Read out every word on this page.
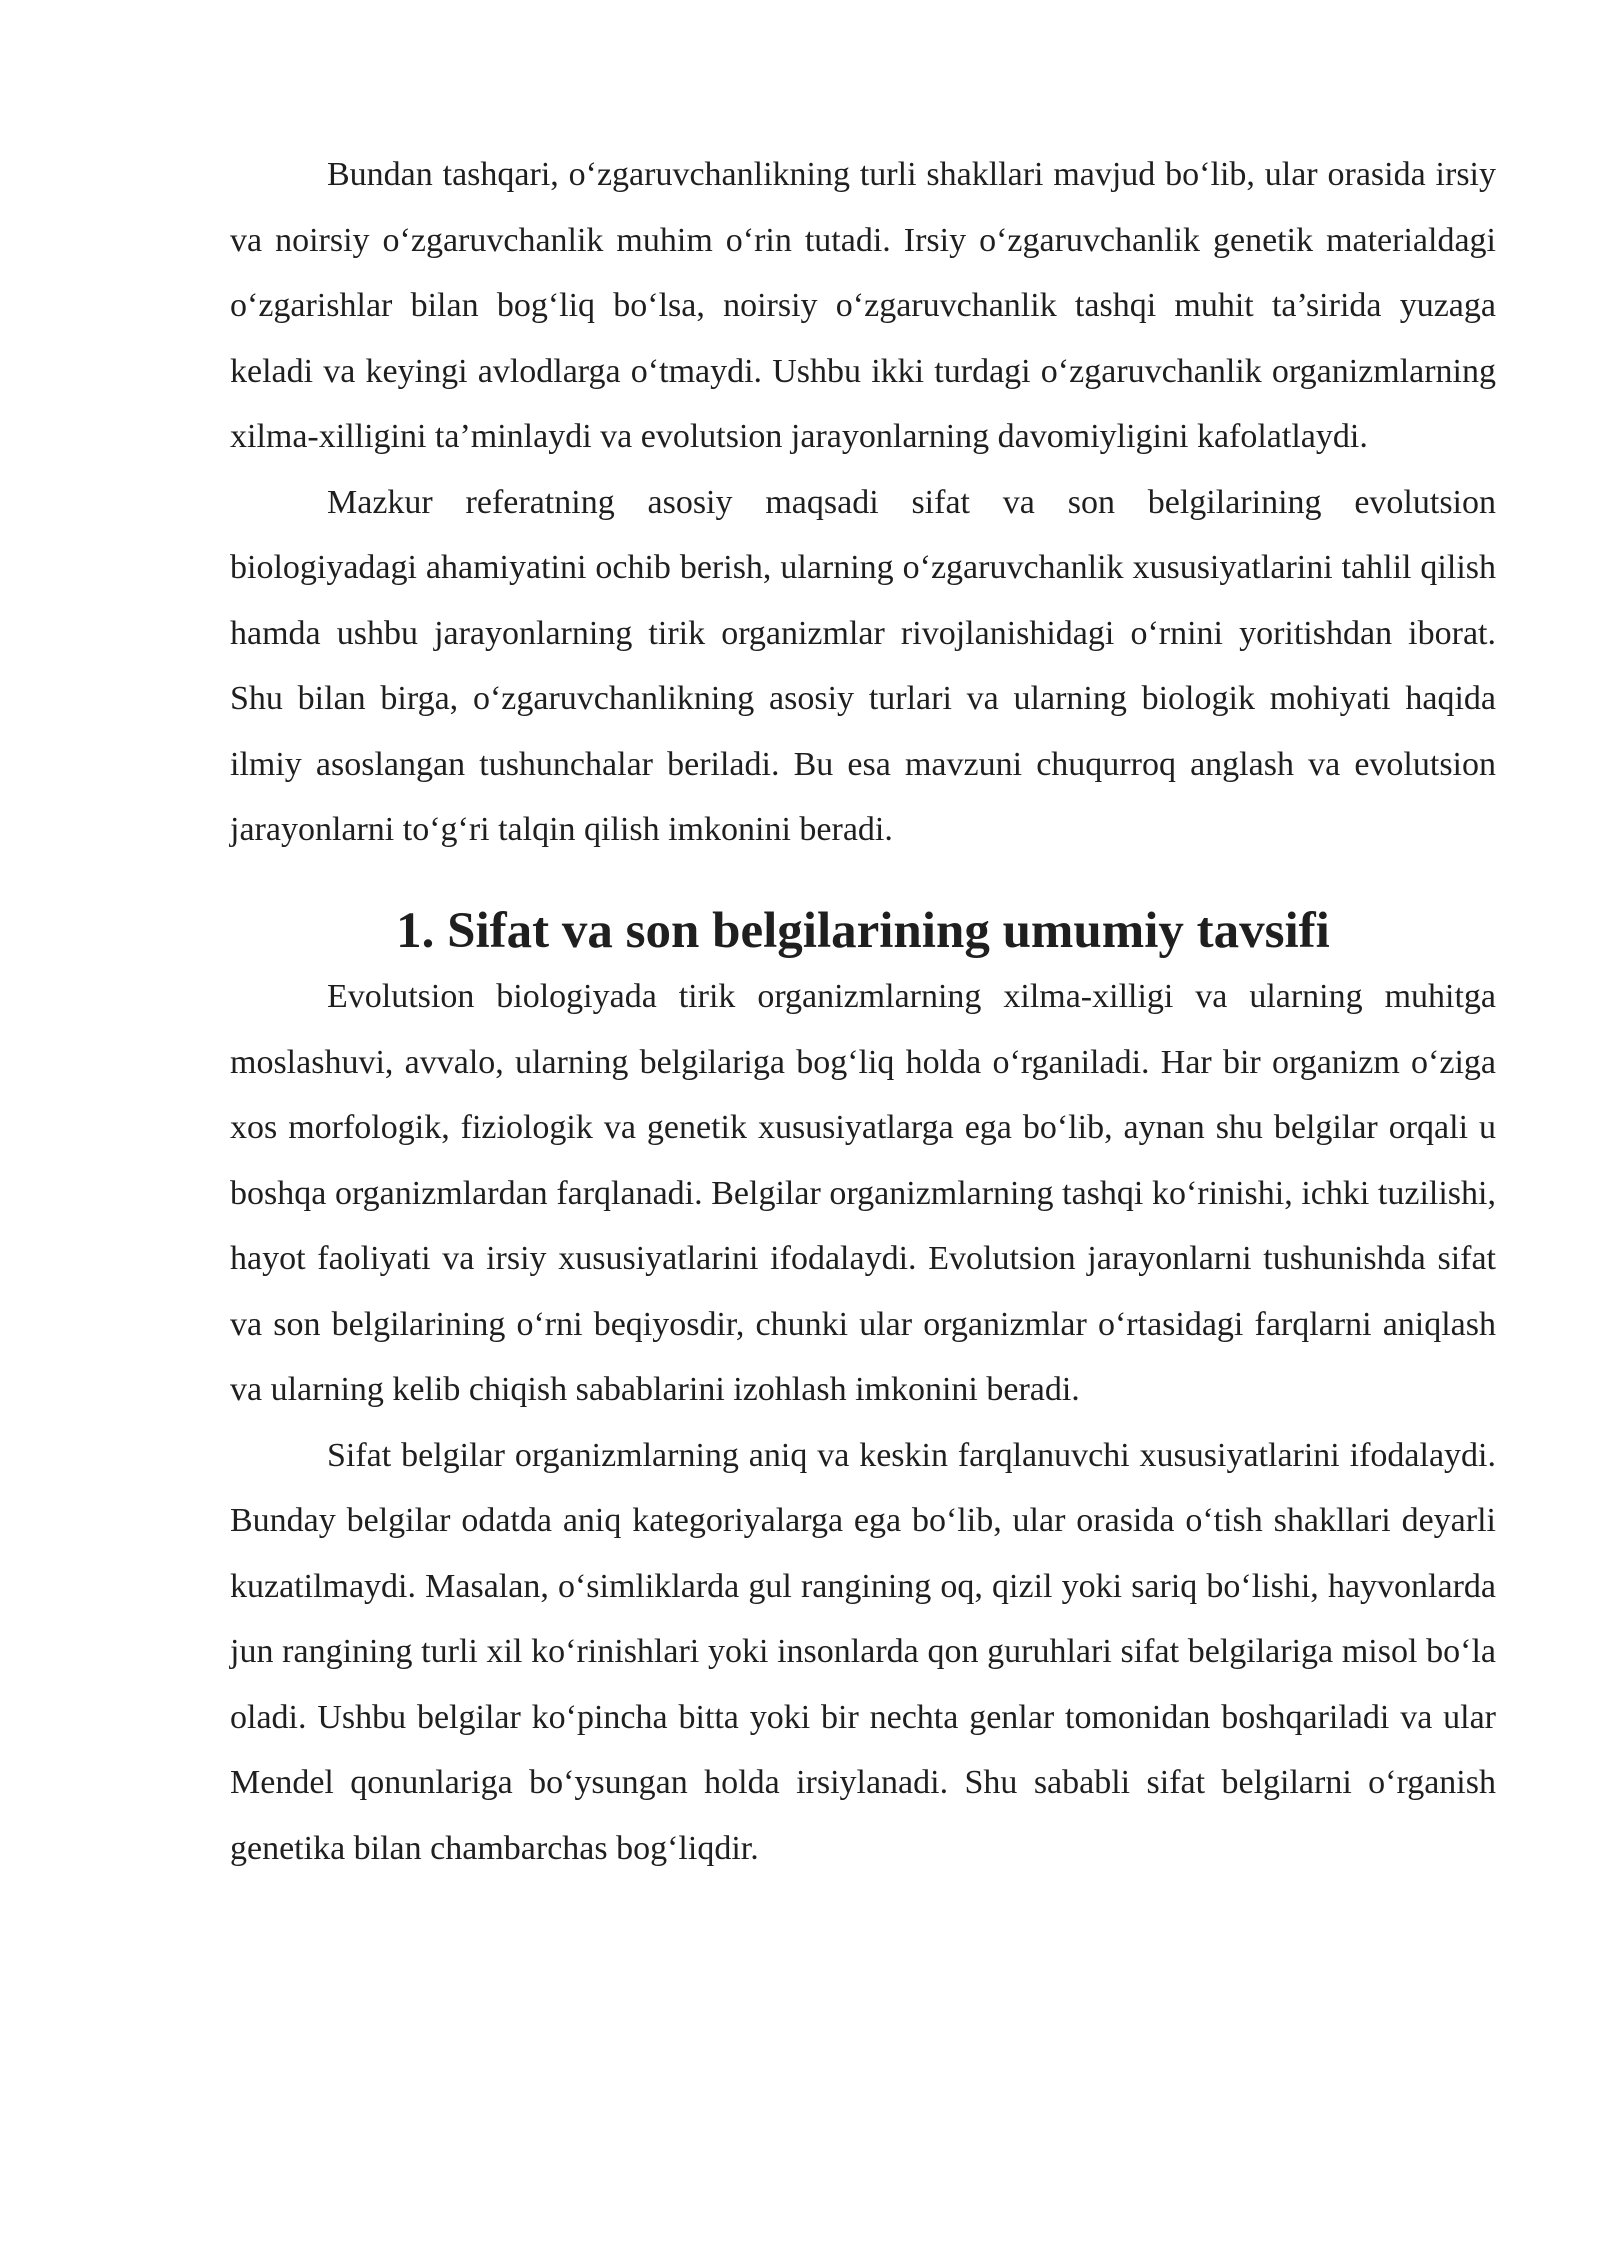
Bundan tashqari, o‘zgaruvchanlikning turli shakllari mavjud bo‘lib, ular orasida irsiy va noirsiy o‘zgaruvchanlik muhim o‘rin tutadi. Irsiy o‘zgaruvchanlik genetik materialdagi o‘zgarishlar bilan bog‘liq bo‘lsa, noirsiy o‘zgaruvchanlik tashqi muhit ta’sirida yuzaga keladi va keyingi avlodlarga o‘tmaydi. Ushbu ikki turdagi o‘zgaruvchanlik organizmlarning xilma-xilligini ta’minlaydi va evolutsion jarayonlarning davomiyligini kafolatlaydi.

Mazkur referatning asosiy maqsadi sifat va son belgilarining evolutsion biologiyadagi ahamiyatini ochib berish, ularning o‘zgaruvchanlik xususiyatlarini tahlil qilish hamda ushbu jarayonlarning tirik organizmlar rivojlanishidagi o‘rnini yoritishdan iborat. Shu bilan birga, o‘zgaruvchanlikning asosiy turlari va ularning biologik mohiyati haqida ilmiy asoslangan tushunchalar beriladi. Bu esa mavzuni chuqurroq anglash va evolutsion jarayonlarni to‘g‘ri talqin qilish imkonini beradi.

1. Sifat va son belgilarining umumiy tavsifi

Evolutsion biologiyada tirik organizmlarning xilma-xilligi va ularning muhitga moslashuvi, avvalo, ularning belgilariga bog‘liq holda o‘rganiladi. Har bir organizm o‘ziga xos morfologik, fiziologik va genetik xususiyatlarga ega bo‘lib, aynan shu belgilar orqali u boshqa organizmlardan farqlanadi. Belgilar organizmlarning tashqi ko‘rinishi, ichki tuzilishi, hayot faoliyati va irsiy xususiyatlarini ifodalaydi. Evolutsion jarayonlarni tushunishda sifat va son belgilarining o‘rni beqiyosdir, chunki ular organizmlar o‘rtasidagi farqlarni aniqlash va ularning kelib chiqish sabablarini izohlash imkonini beradi.

Sifat belgilar organizmlarning aniq va keskin farqlanuvchi xususiyatlarini ifodalaydi. Bunday belgilar odatda aniq kategoriyalarga ega bo‘lib, ular orasida o‘tish shakllari deyarli kuzatilmaydi. Masalan, o‘simliklarda gul rangining oq, qizil yoki sariq bo‘lishi, hayvonlarda jun rangining turli xil ko‘rinishlari yoki insonlarda qon guruhlari sifat belgilariga misol bo‘la oladi. Ushbu belgilar ko‘pincha bitta yoki bir nechta genlar tomonidan boshqariladi va ular Mendel qonunlariga bo‘ysungan holda irsiylanadi. Shu sababli sifat belgilarni o‘rganish genetika bilan chambarchas bog‘liqdir.
